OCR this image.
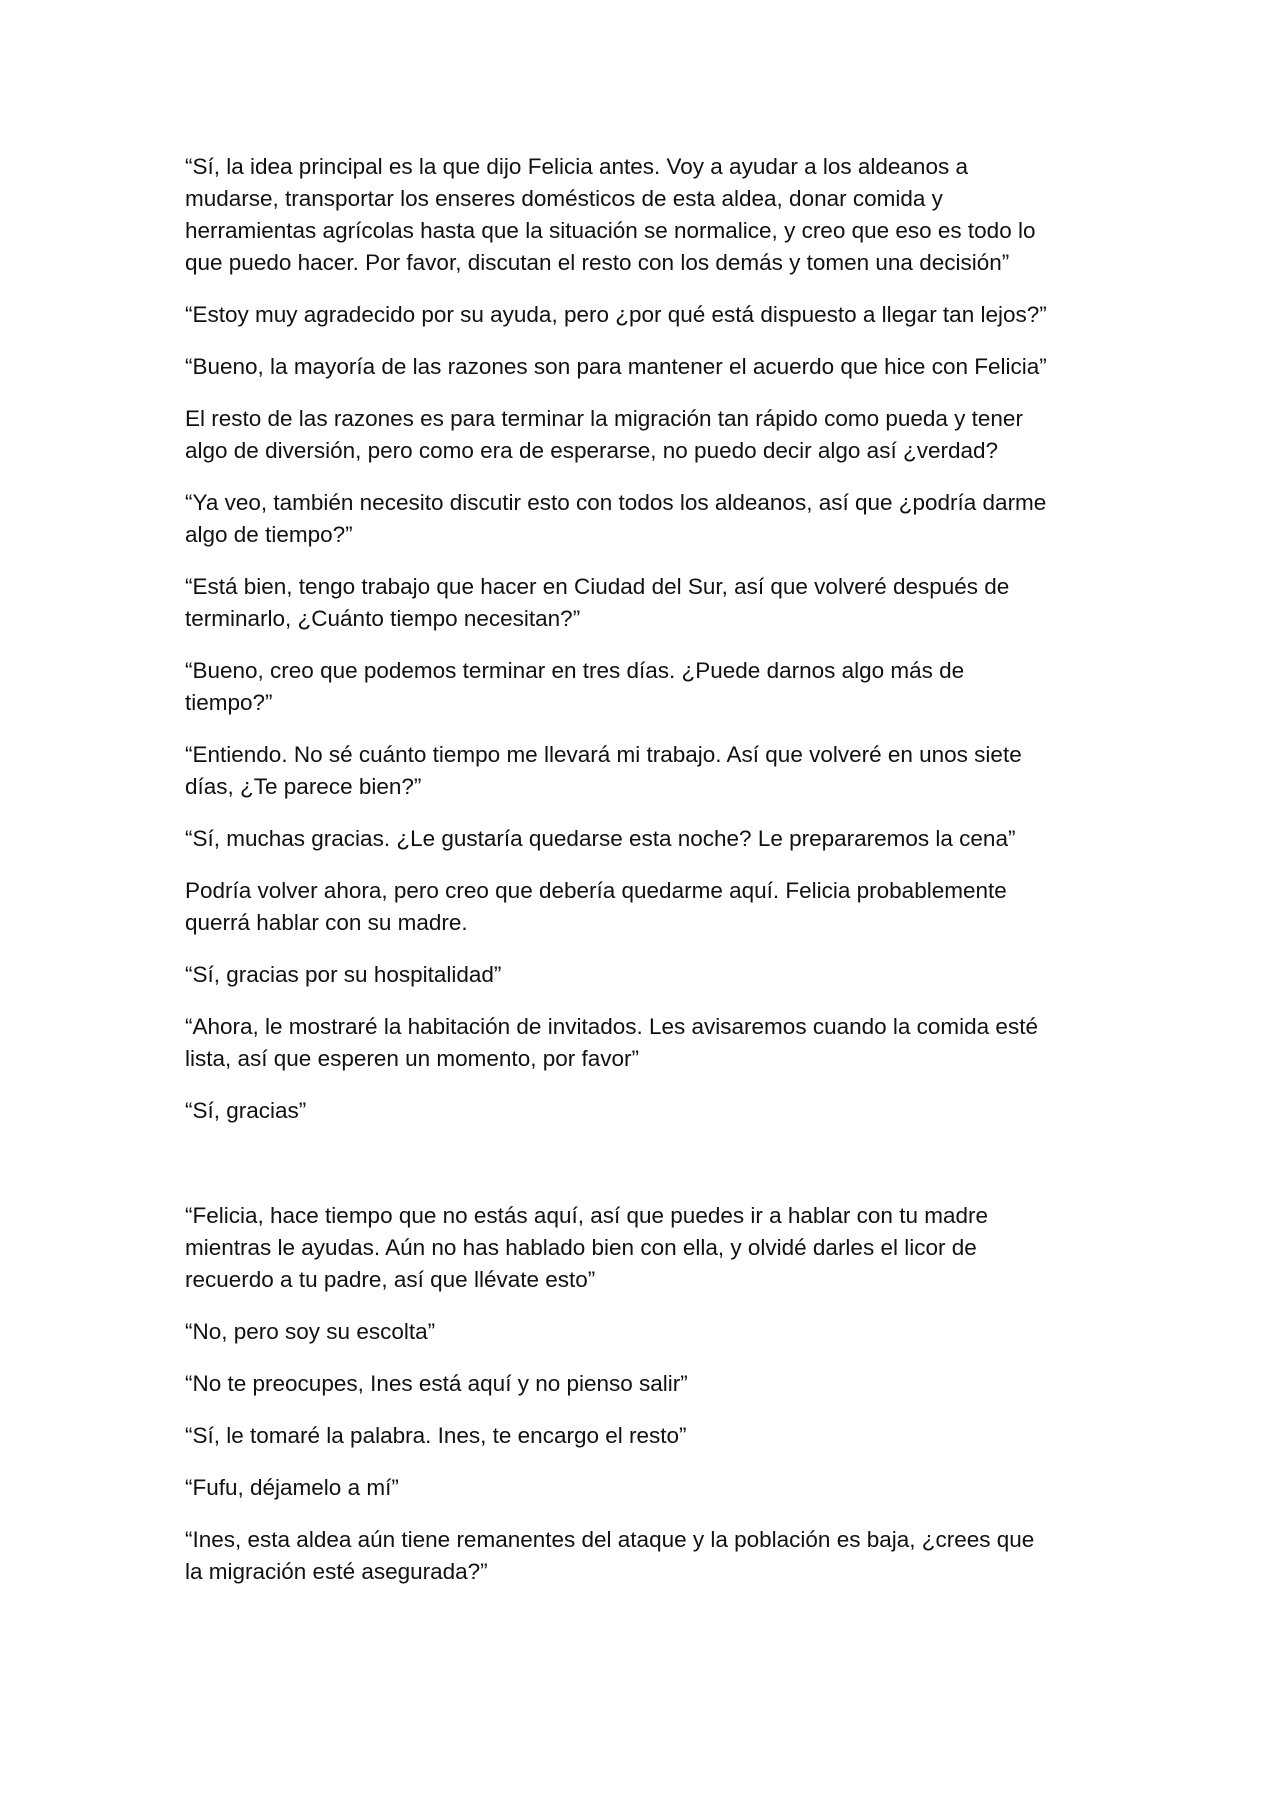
“Sí, la idea principal es la que dijo Felicia antes. Voy a ayudar a los aldeanos a
mudarse, transportar los enseres domésticos de esta aldea, donar comida y
herramientas agrícolas hasta que la situación se normalice, y creo que eso es todo lo
que puedo hacer. Por favor, discutan el resto con los demás y tomen una decisión”

“Estoy muy agradecido por su ayuda, pero ¿por qué está dispuesto a llegar tan lejos?”

“Bueno, la mayoría de las razones son para mantener el acuerdo que hice con Felicia”

El resto de las razones es para terminar la migración tan rápido como pueda y tener
algo de diversión, pero como era de esperarse, no puedo decir algo así ¿verdad?

“Ya veo, también necesito discutir esto con todos los aldeanos, así que ¿podría darme
algo de tiempo?”

“Está bien, tengo trabajo que hacer en Ciudad del Sur, así que volveré después de
terminarlo, ¿Cuánto tiempo necesitan?”

“Bueno, creo que podemos terminar en tres días. ¿Puede darnos algo más de
tiempo?”

“Entiendo. No sé cuánto tiempo me llevará mi trabajo. Así que volveré en unos siete
días, ¿Te parece bien?”

“Sí, muchas gracias. ¿Le gustaría quedarse esta noche? Le prepararemos la cena”

Podría volver ahora, pero creo que debería quedarme aquí. Felicia probablemente
querrá hablar con su madre.

“Sí, gracias por su hospitalidad”

“Ahora, le mostraré la habitación de invitados. Les avisaremos cuando la comida esté
lista, así que esperen un momento, por favor”

“Sí, gracias”

“Felicia, hace tiempo que no estás aquí, así que puedes ir a hablar con tu madre
mientras le ayudas. Aún no has hablado bien con ella, y olvidé darles el licor de
recuerdo a tu padre, así que llévate esto”

“No, pero soy su escolta”

“No te preocupes, Ines está aquí y no pienso salir”

“Sí, le tomaré la palabra. Ines, te encargo el resto”

“Fufu, déjamelo a mí”

“Ines, esta aldea aún tiene remanentes del ataque y la población es baja, ¿crees que
la migración esté asegurada?”
